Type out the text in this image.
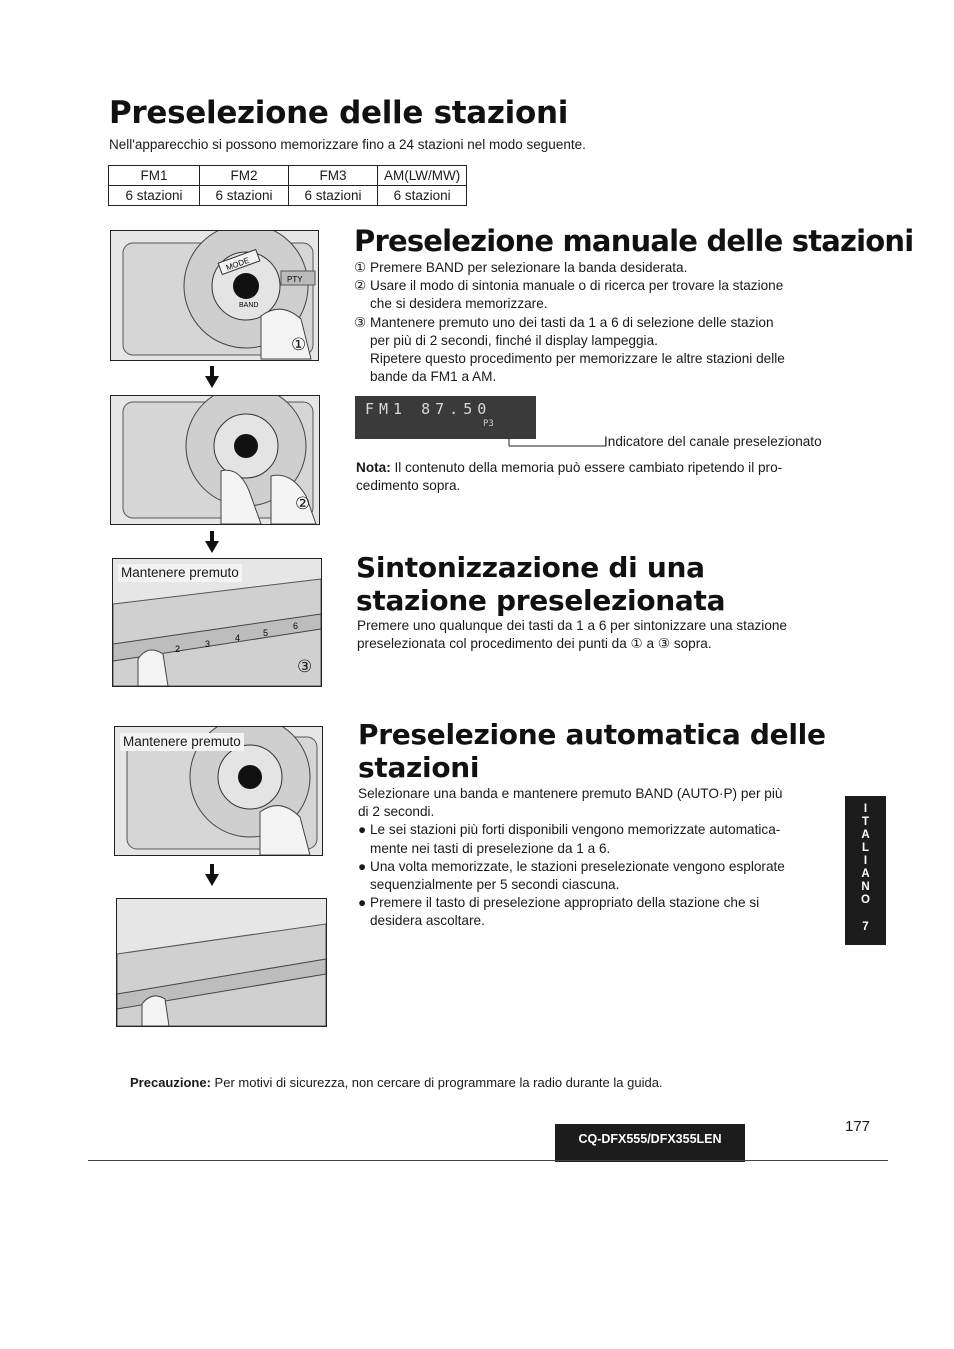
Preselezione delle stazioni
Nell'apparecchio si possono memorizzare fino a 24 stazioni nel modo seguente.
FM1	FM2	FM3	AM(LW/MW)
6 stazioni	6 stazioni	6 stazioni	6 stazioni
MODE
BAND
PTY
①
②
2	3
4	5
6
Mantenere premuto
③
Mantenere premuto
Preselezione manuale delle stazioni

① Premere BAND per selezionare la banda desiderata.

② Usare il modo di sintonia manuale o di ricerca per trovare la stazione

che si desidera memorizzare.

③ Mantenere premuto uno dei tasti da 1 a 6 di selezione delle stazion

per più di 2 secondi, finché il display lampeggia.

Ripetere questo procedimento per memorizzare le altre stazioni delle

bande da FM1 a AM.

FM1 87.50
P3
Indicatore del canale preselezionato

Nota: Il contenuto della memoria può essere cambiato ripetendo il pro-

cedimento sopra.

Sintonizzazione di una
stazione preselezionata

Premere uno qualunque dei tasti da 1 a 6 per sintonizzare una stazione

preselezionata col procedimento dei punti da ① a ③ sopra.

Preselezione automatica delle
stazioni

Selezionare una banda e mantenere premuto BAND (AUTO·P) per più

di 2 secondi.

● Le sei stazioni più forti disponibili vengono memorizzate automatica-

mente nei tasti di preselezione da 1 a 6.

● Una volta memorizzate, le stazioni preselezionate vengono esplorate

sequenzialmente per 5 secondi ciascuna.

● Premere il tasto di preselezione appropriato della stazione che si

desidera ascoltare.

I
T
A
L
I
A
N
O
7
Precauzione: Per motivi di sicurezza, non cercare di programmare la radio durante la guida.
177
CQ-DFX555/DFX355LEN
